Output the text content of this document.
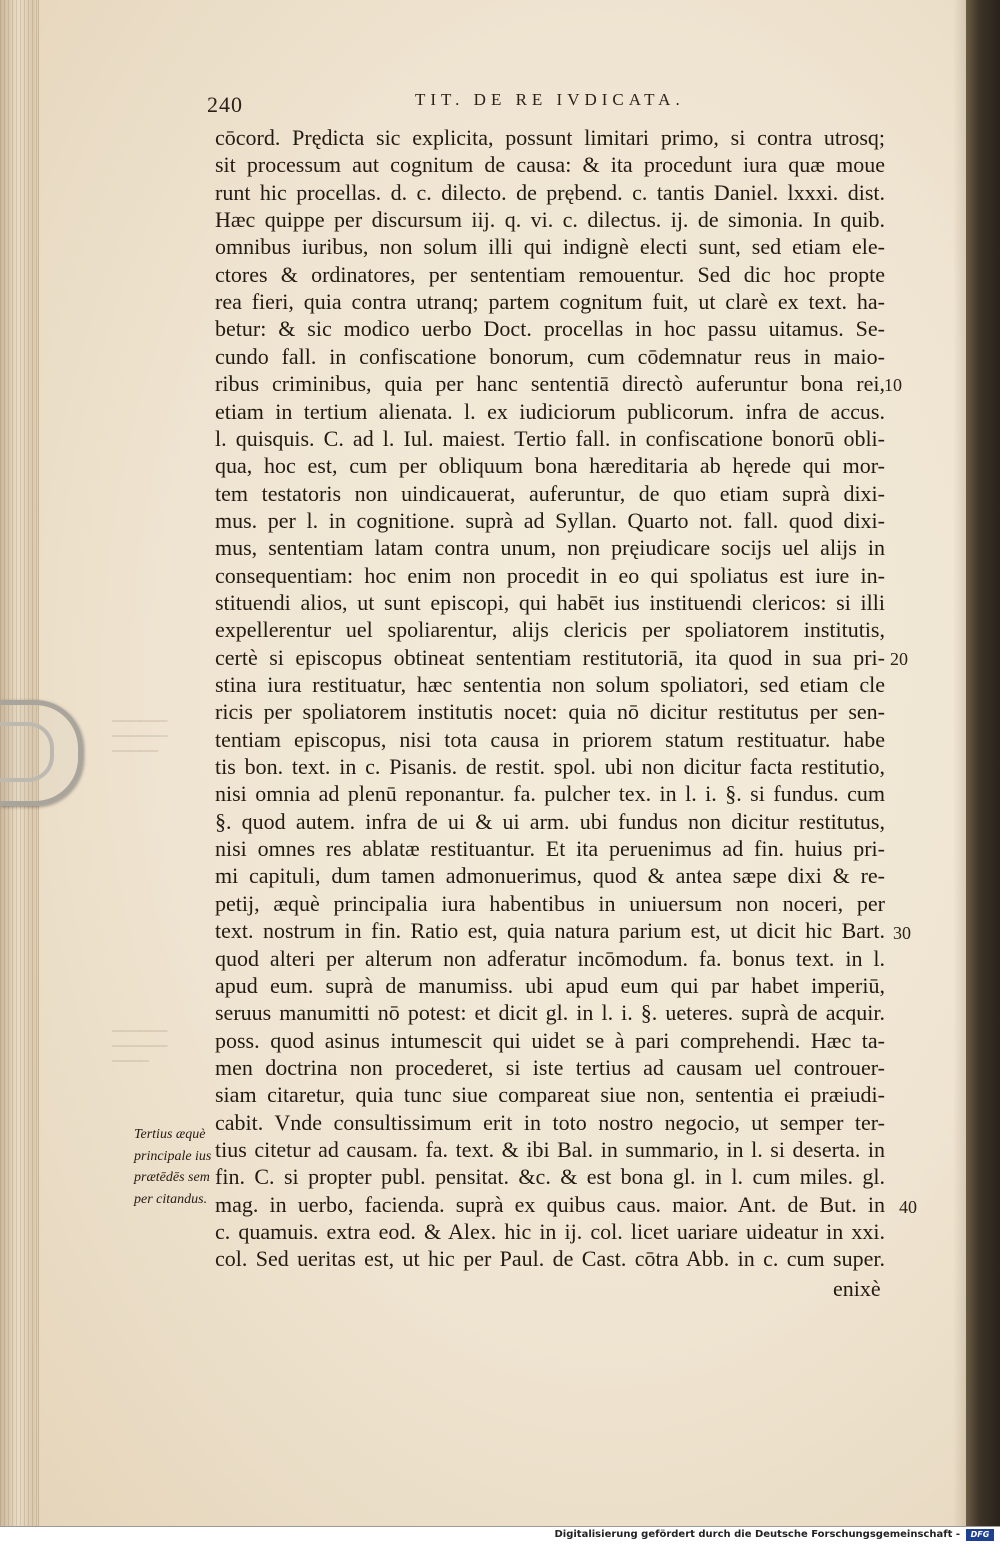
▁▁▁▁▁▁
▁▁▁▁▁▁
▁▁▁▁▁
▁▁▁▁▁▁
▁▁▁▁▁▁
▁▁▁▁
240	TIT. DE RE IVDICATA.
cōcord. Prędicta sic explicita, possunt limitari primo, si contra utrosq;
sit processum aut cognitum de causa: & ita procedunt iura quæ moue
runt hic procellas. d. c. dilecto. de prębend. c. tantis Daniel. lxxxi. dist.
Hæc quippe per discursum iij. q. vi. c. dilectus. ij. de simonia. In quib.
omnibus iuribus, non solum illi qui indignè electi sunt, sed etiam ele-
ctores & ordinatores, per sententiam remouentur. Sed dic hoc propte
rea fieri, quia contra utranq; partem cognitum fuit, ut clarè ex text. ha-
betur: & sic modico uerbo Doct. procellas in hoc passu uitamus. Se-
cundo fall. in confiscatione bonorum, cum cōdemnatur reus in maio-
ribus criminibus, quia per hanc sententiā directò auferuntur bona rei,
etiam in tertium alienata. l. ex iudiciorum publicorum. infra de accus.
l. quisquis. C. ad l. Iul. maiest. Tertio fall. in confiscatione bonorū obli-
qua, hoc est, cum per obliquum bona hæreditaria ab hęrede qui mor-
tem testatoris non uindicauerat, auferuntur, de quo etiam suprà dixi-
mus. per l. in cognitione. suprà ad Syllan. Quarto not. fall. quod dixi-
mus, sententiam latam contra unum, non pręiudicare socijs uel alijs in
consequentiam: hoc enim non procedit in eo qui spoliatus est iure in-
stituendi alios, ut sunt episcopi, qui habēt ius instituendi clericos: si illi
expellerentur uel spoliarentur, alijs clericis per spoliatorem institutis,
certè si episcopus obtineat sententiam restitutoriā, ita quod in sua pri-
stina iura restituatur, hæc sententia non solum spoliatori, sed etiam cle
ricis per spoliatorem institutis nocet: quia nō dicitur restitutus per sen-
tentiam episcopus, nisi tota causa in priorem statum restituatur. habe
tis bon. text. in c. Pisanis. de restit. spol. ubi non dicitur facta restitutio,
nisi omnia ad plenū reponantur. fa. pulcher tex. in l. i. §. si fundus. cum
§. quod autem. infra de ui & ui arm. ubi fundus non dicitur restitutus,
nisi omnes res ablatæ restituantur. Et ita peruenimus ad fin. huius pri-
mi capituli, dum tamen admonuerimus, quod & antea sæpe dixi & re-
petij, æquè principalia iura habentibus in uniuersum non noceri, per
text. nostrum in fin. Ratio est, quia natura parium est, ut dicit hic Bart.
quod alteri per alterum non adferatur incōmodum. fa. bonus text. in l.
apud eum. suprà de manumiss. ubi apud eum qui par habet imperiū,
seruus manumitti nō potest: et dicit gl. in l. i. §. ueteres. suprà de acquir.
poss. quod asinus intumescit qui uidet se à pari comprehendi. Hæc ta-
men doctrina non procederet, si iste tertius ad causam uel controuer-
siam citaretur, quia tunc siue compareat siue non, sententia ei præiudi-
cabit. Vnde consultissimum erit in toto nostro negocio, ut semper ter-
tius citetur ad causam. fa. text. & ibi Bal. in summario, in l. si deserta. in
fin. C. si propter publ. pensitat. &c. & est bona gl. in l. cum miles. gl.
mag. in uerbo, facienda. suprà ex quibus caus. maior. Ant. de But. in
c. quamuis. extra eod. & Alex. hic in ij. col. licet uariare uideatur in xxi.
col. Sed ueritas est, ut hic per Paul. de Cast. cōtra Abb. in c. cum super.
enixè
10
20
30
40
Tertius æquè
principale ius
prætēdēs sem
per citandus.
Digitalisierung gefördert durch die Deutsche Forschungsgemeinschaft -	DFG
